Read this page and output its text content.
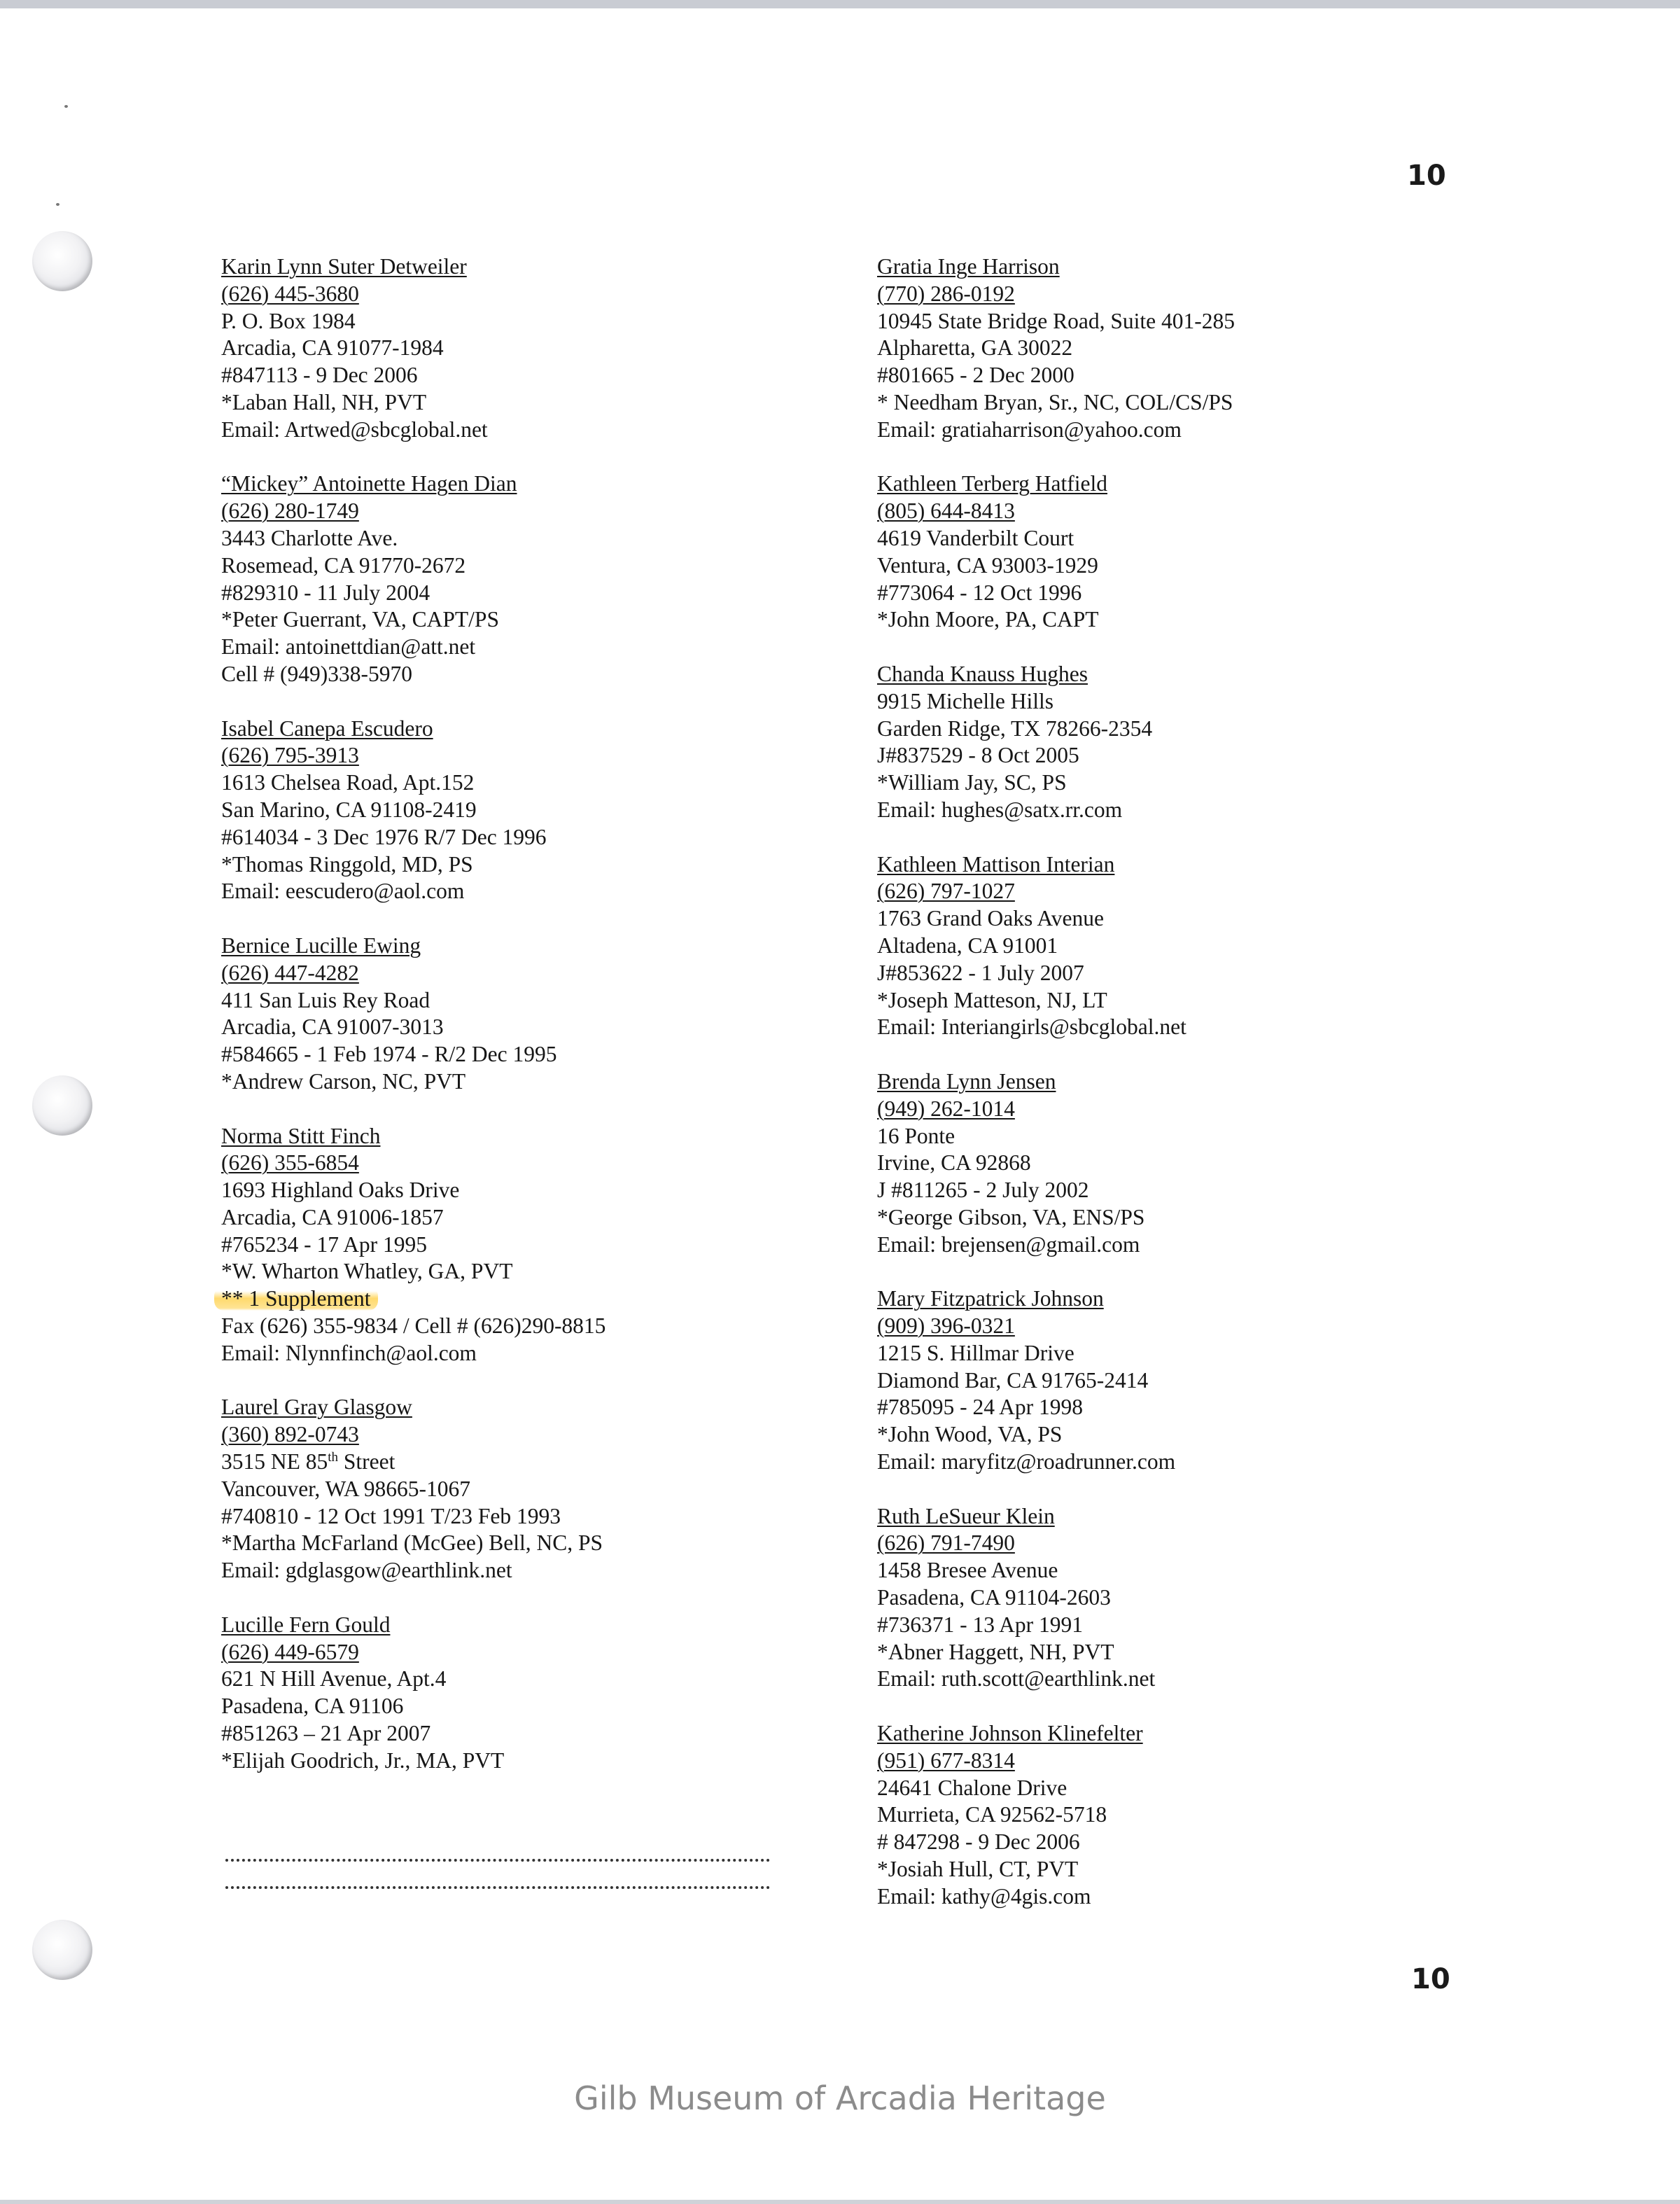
10
Karin Lynn Suter Detweiler
(626) 445-3680
P. O. Box 1984
Arcadia, CA 91077-1984
#847113 - 9 Dec 2006
*Laban Hall, NH, PVT
Email: Artwed@sbcglobal.net
“Mickey” Antoinette Hagen Dian
(626) 280-1749
3443 Charlotte Ave.
Rosemead, CA 91770-2672
#829310 - 11 July 2004
*Peter Guerrant, VA, CAPT/PS
Email: antoinettdian@att.net
Cell # (949)338-5970
Isabel Canepa Escudero
(626) 795-3913
1613 Chelsea Road, Apt.152
San Marino, CA 91108-2419
#614034 - 3 Dec 1976 R/7 Dec 1996
*Thomas Ringgold, MD, PS
Email: eescudero@aol.com
Bernice Lucille Ewing
(626) 447-4282
411 San Luis Rey Road
Arcadia, CA 91007-3013
#584665 - 1 Feb 1974 - R/2 Dec 1995
*Andrew Carson, NC, PVT
Norma Stitt Finch
(626) 355-6854
1693 Highland Oaks Drive
Arcadia, CA 91006-1857
#765234 - 17 Apr 1995
*W. Wharton Whatley, GA, PVT
** 1 Supplement
Fax (626) 355-9834 / Cell # (626)290-8815
Email: Nlynnfinch@aol.com
Laurel Gray Glasgow
(360) 892-0743
3515 NE 85th Street
Vancouver, WA 98665-1067
#740810 - 12 Oct 1991 T/23 Feb 1993
*Martha McFarland (McGee) Bell, NC, PS
Email: gdglasgow@earthlink.net
Lucille Fern Gould
(626) 449-6579
621 N Hill Avenue, Apt.4
Pasadena, CA 91106
#851263 – 21 Apr 2007
*Elijah Goodrich, Jr., MA, PVT
Gratia Inge Harrison
(770) 286-0192
10945 State Bridge Road, Suite 401-285
Alpharetta, GA 30022
#801665 - 2 Dec 2000
* Needham Bryan, Sr., NC, COL/CS/PS
Email: gratiaharrison@yahoo.com
Kathleen Terberg Hatfield
(805) 644-8413
4619 Vanderbilt Court
Ventura, CA 93003-1929
#773064 - 12 Oct 1996
*John Moore, PA, CAPT
Chanda Knauss Hughes
9915 Michelle Hills
Garden Ridge, TX 78266-2354
J#837529 - 8 Oct 2005
*William Jay, SC, PS
Email: hughes@satx.rr.com
Kathleen Mattison Interian
(626) 797-1027
1763 Grand Oaks Avenue
Altadena, CA 91001
J#853622 - 1 July 2007
*Joseph Matteson, NJ, LT
Email: Interiangirls@sbcglobal.net
Brenda Lynn Jensen
(949) 262-1014
16 Ponte
Irvine, CA 92868
J #811265 - 2 July 2002
*George Gibson, VA, ENS/PS
Email: brejensen@gmail.com
Mary Fitzpatrick Johnson
(909) 396-0321
1215 S. Hillmar Drive
Diamond Bar, CA 91765-2414
#785095 - 24 Apr 1998
*John Wood, VA, PS
Email: maryfitz@roadrunner.com
Ruth LeSueur Klein
(626) 791-7490
1458 Bresee Avenue
Pasadena, CA 91104-2603
#736371 - 13 Apr 1991
*Abner Haggett, NH, PVT
Email: ruth.scott@earthlink.net
Katherine Johnson Klinefelter
(951) 677-8314
24641 Chalone Drive
Murrieta, CA 92562-5718
# 847298 - 9 Dec 2006
*Josiah Hull, CT, PVT
Email: kathy@4gis.com
10
Gilb Museum of Arcadia Heritage
